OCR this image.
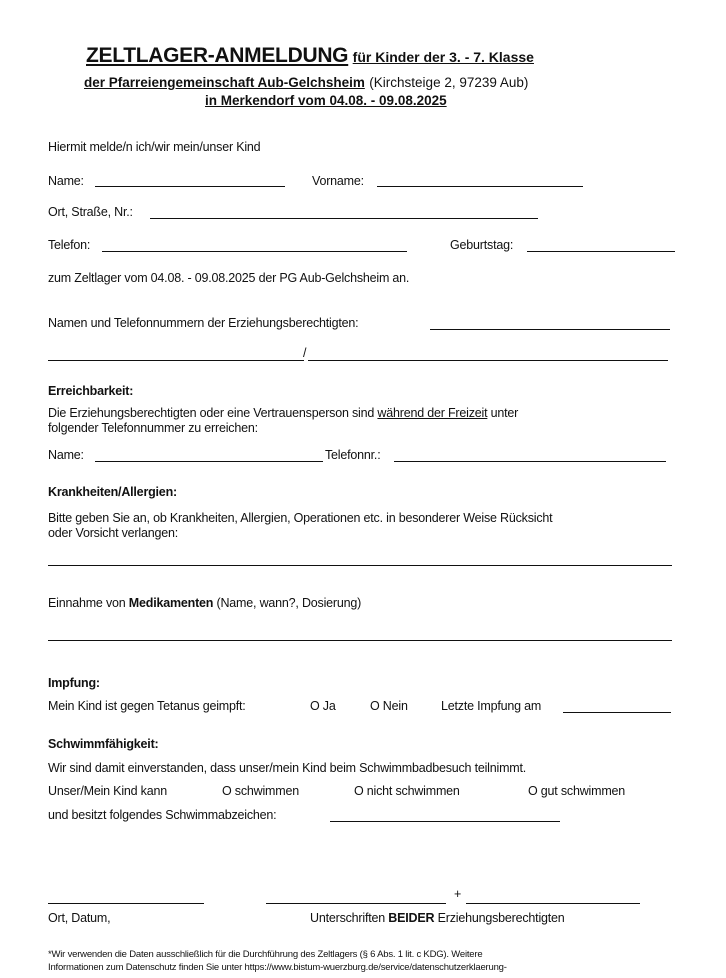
ZELTLAGER-ANMELDUNG für Kinder der 3. - 7. Klasse
der Pfarreiengemeinschaft Aub-Gelchsheim (Kirchsteige 2, 97239 Aub)
in Merkendorf vom 04.08. - 09.08.2025
Hiermit melde/n ich/wir mein/unser Kind
Name:	Vorname:
Ort, Straße, Nr.:
Telefon:	Geburtstag:
zum Zeltlager vom 04.08. - 09.08.2025 der PG Aub-Gelchsheim an.
Namen und Telefonnummern der Erziehungsberechtigten:
/
Erreichbarkeit:
Die Erziehungsberechtigten oder eine Vertrauensperson sind während der Freizeit unter
folgender Telefonnummer zu erreichen:
Name:	Telefonnr.:
Krankheiten/Allergien:
Bitte geben Sie an, ob Krankheiten, Allergien, Operationen etc. in besonderer Weise Rücksicht
oder Vorsicht verlangen:
Einnahme von Medikamenten (Name, wann?, Dosierung)
Impfung:
Mein Kind ist gegen Tetanus geimpft:	O Ja	O Nein	Letzte Impfung am
Schwimmfähigkeit:
Wir sind damit einverstanden, dass unser/mein Kind beim Schwimmbadbesuch teilnimmt.
Unser/Mein Kind kann	O schwimmen	O nicht schwimmen	O gut schwimmen
und besitzt folgendes Schwimmabzeichen:
+
Ort, Datum,	Unterschriften BEIDER Erziehungsberechtigten
*Wir verwenden die Daten ausschließlich für die Durchführung des Zeltlagers (§ 6 Abs. 1 lit. c KDG). Weitere
Informationen zum Datenschutz finden Sie unter https://www.bistum-wuerzburg.de/service/datenschutzerklaerung-
